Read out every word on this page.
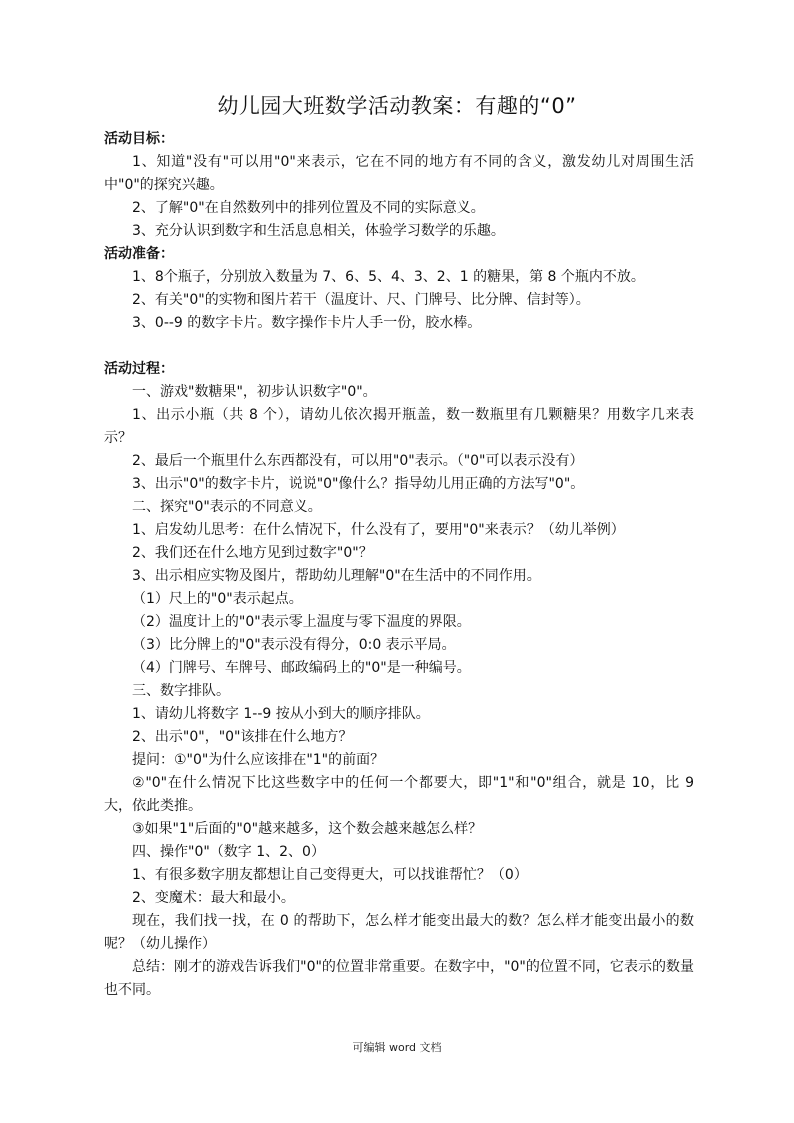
幼儿园大班数学活动教案：有趣的“0”
活动目标：

1、知道"没有"可以用"0"来表示，它在不同的地方有不同的含义，激发幼儿对周围生活中"0"的探究兴趣。

2、了解"0"在自然数列中的排列位置及不同的实际意义。

3、充分认识到数字和生活息息相关，体验学习数学的乐趣。

活动准备：

1、8个瓶子，分别放入数量为 7、6、5、4、3、2、1 的糖果，第 8 个瓶内不放。

2、有关"0"的实物和图片若干（温度计、尺、门牌号、比分牌、信封等）。

3、0--9 的数字卡片。数字操作卡片人手一份，胶水棒。

活动过程：

一、游戏"数糖果"，初步认识数字"0"。

1、出示小瓶（共 8 个），请幼儿依次揭开瓶盖，数一数瓶里有几颗糖果？用数字几来表示？

2、最后一个瓶里什么东西都没有，可以用"0"表示。（"0"可以表示没有）

3、出示"0"的数字卡片，说说"0"像什么？指导幼儿用正确的方法写"0"。

二、探究"0"表示的不同意义。

1、启发幼儿思考：在什么情况下，什么没有了，要用"0"来表示？（幼儿举例）

2、我们还在什么地方见到过数字"0"？

3、出示相应实物及图片，帮助幼儿理解"0"在生活中的不同作用。

（1）尺上的"0"表示起点。

（2）温度计上的"0"表示零上温度与零下温度的界限。

（3）比分牌上的"0"表示没有得分，0:0 表示平局。

（4）门牌号、车牌号、邮政编码上的"0"是一种编号。

三、数字排队。

1、请幼儿将数字 1--9 按从小到大的顺序排队。

2、出示"0"，"0"该排在什么地方？

提问：①"0"为什么应该排在"1"的前面？

②"0"在什么情况下比这些数字中的任何一个都要大，即"1"和"0"组合，就是 10，比 9 大，依此类推。

③如果"1"后面的"0"越来越多，这个数会越来越怎么样？

四、操作"0"（数字 1、2、0）

1、有很多数字朋友都想让自己变得更大，可以找谁帮忙？（0）

2、变魔术：最大和最小。

现在，我们找一找，在 0 的帮助下，怎么样才能变出最大的数？怎么样才能变出最小的数呢？（幼儿操作）

总结：刚才的游戏告诉我们"0"的位置非常重要。在数字中，"0"的位置不同，它表示的数量也不同。

可编辑 word 文档
